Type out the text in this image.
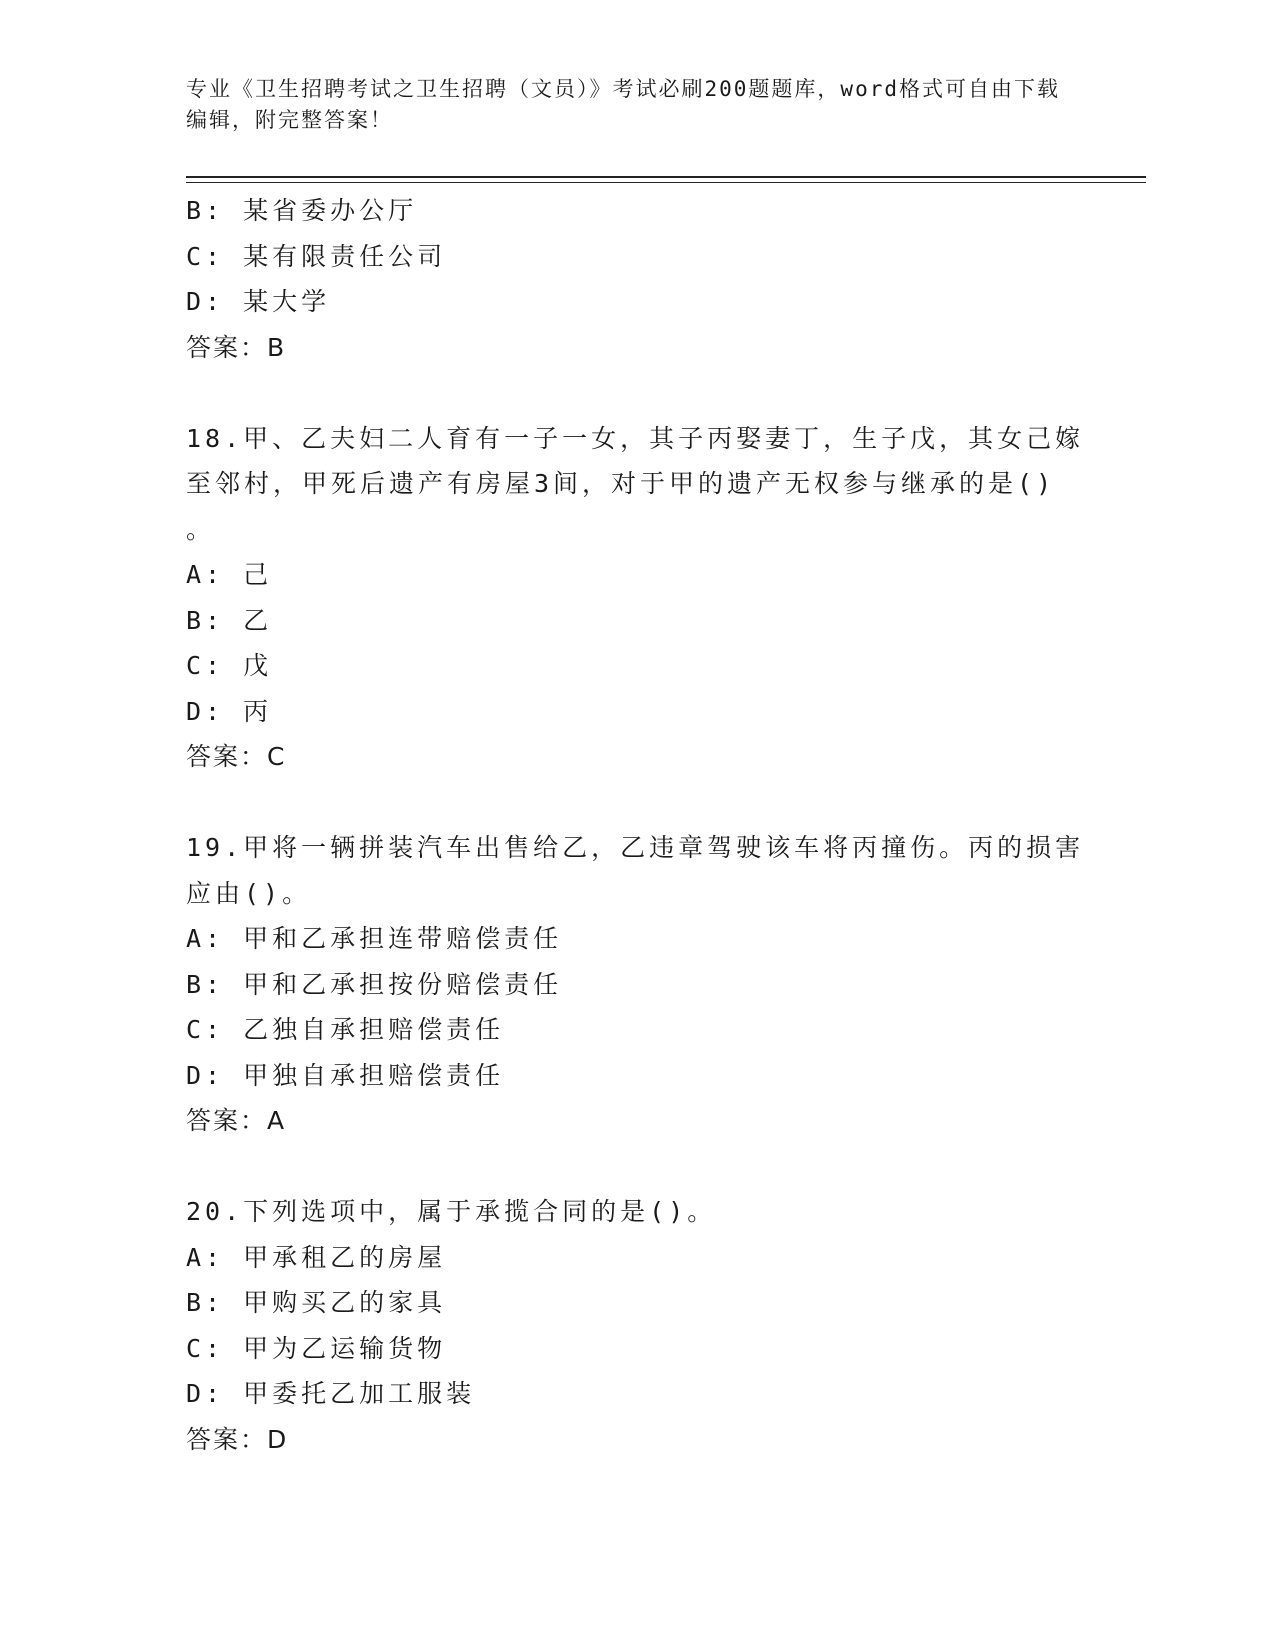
专业《卫生招聘考试之卫生招聘（文员）》考试必刷200题题库，word格式可自由下载编辑，附完整答案！
B: 某省委办公厅
C: 某有限责任公司
D: 某大学
答案：B
18.甲、乙夫妇二人育有一子一女，其子丙娶妻丁，生子戊，其女己嫁
至邻村，甲死后遗产有房屋3间，对于甲的遗产无权参与继承的是()
。
A: 己
B: 乙
C: 戊
D: 丙
答案：C
19.甲将一辆拼装汽车出售给乙，乙违章驾驶该车将丙撞伤。丙的损害
应由()。
A: 甲和乙承担连带赔偿责任
B: 甲和乙承担按份赔偿责任
C: 乙独自承担赔偿责任
D: 甲独自承担赔偿责任
答案：A
20.下列选项中，属于承揽合同的是()。
A: 甲承租乙的房屋
B: 甲购买乙的家具
C: 甲为乙运输货物
D: 甲委托乙加工服装
答案：D
